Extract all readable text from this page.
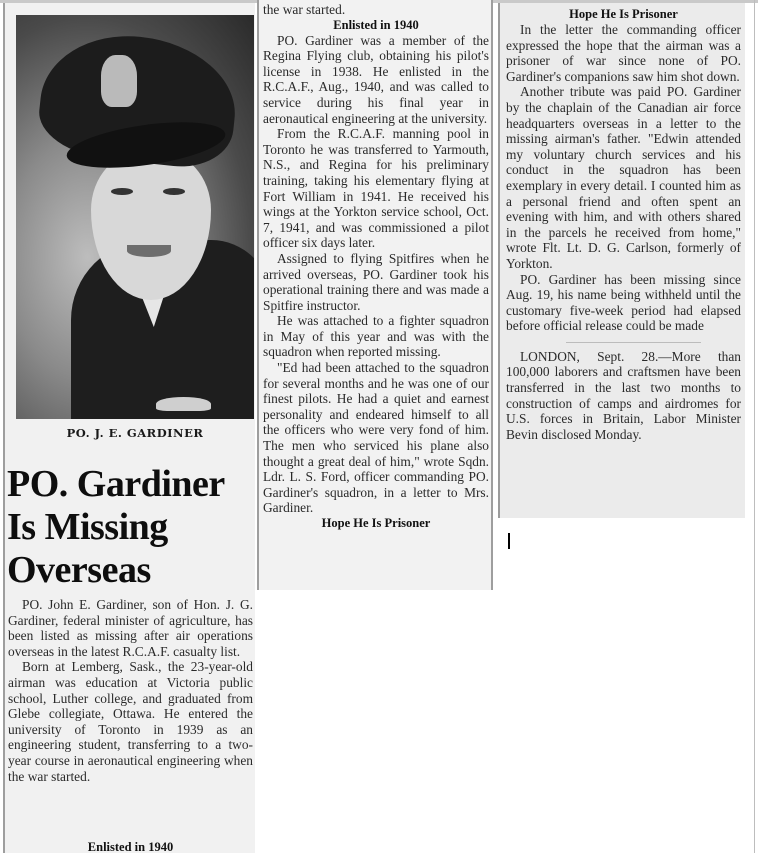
PO. J. E. GARDINER
PO. Gardiner
Is Missing
Overseas

PO. John E. Gardiner, son of Hon. J. G. Gardiner, federal minister of agriculture, has been listed as missing after air operations overseas in the latest R.C.A.F. casualty list.

Born at Lemberg, Sask., the 23-year-old airman was education at Victoria public school, Luther college, and graduated from Glebe collegiate, Ottawa. He entered the university of Toronto in 1939 as an engineering student, transferring to a two-year course in aeronautical engineering when the war started.

Enlisted in 1940

the war started.

Enlisted in 1940

PO. Gardiner was a member of the Regina Flying club, obtaining his pilot's license in 1938. He enlisted in the R.C.A.F., Aug., 1940, and was called to service during his final year in aeronautical engineering at the university.

From the R.C.A.F. manning pool in Toronto he was transferred to Yarmouth, N.S., and Regina for his preliminary training, taking his elementary flying at Fort William in 1941. He received his wings at the Yorkton service school, Oct. 7, 1941, and was commissioned a pilot officer six days later.

Assigned to flying Spitfires when he arrived overseas, PO. Gardiner took his operational training there and was made a Spitfire instructor.

He was attached to a fighter squadron in May of this year and was with the squadron when reported missing.

"Ed had been attached to the squadron for several months and he was one of our finest pilots. He had a quiet and earnest personality and endeared himself to all the officers who were very fond of him. The men who serviced his plane also thought a great deal of him," wrote Sqdn. Ldr. L. S. Ford, officer commanding PO. Gardiner's squadron, in a letter to Mrs. Gardiner.

Hope He Is Prisoner
Hope He Is Prisoner

In the letter the commanding officer expressed the hope that the airman was a prisoner of war since none of PO. Gardiner's companions saw him shot down.

Another tribute was paid PO. Gardiner by the chaplain of the Canadian air force headquarters overseas in a letter to the missing airman's father. "Edwin attended my voluntary church services and his conduct in the squadron has been exemplary in every detail. I counted him as a personal friend and often spent an evening with him, and with others shared in the parcels he received from home," wrote Flt. Lt. D. G. Carlson, formerly of Yorkton.

PO. Gardiner has been missing since Aug. 19, his name being withheld until the customary five-week period had elapsed before official release could be made

LONDON, Sept. 28.—More than 100,000 laborers and craftsmen have been transferred in the last two months to construction of camps and airdromes for U.S. forces in Britain, Labor Minister Bevin disclosed Monday.
